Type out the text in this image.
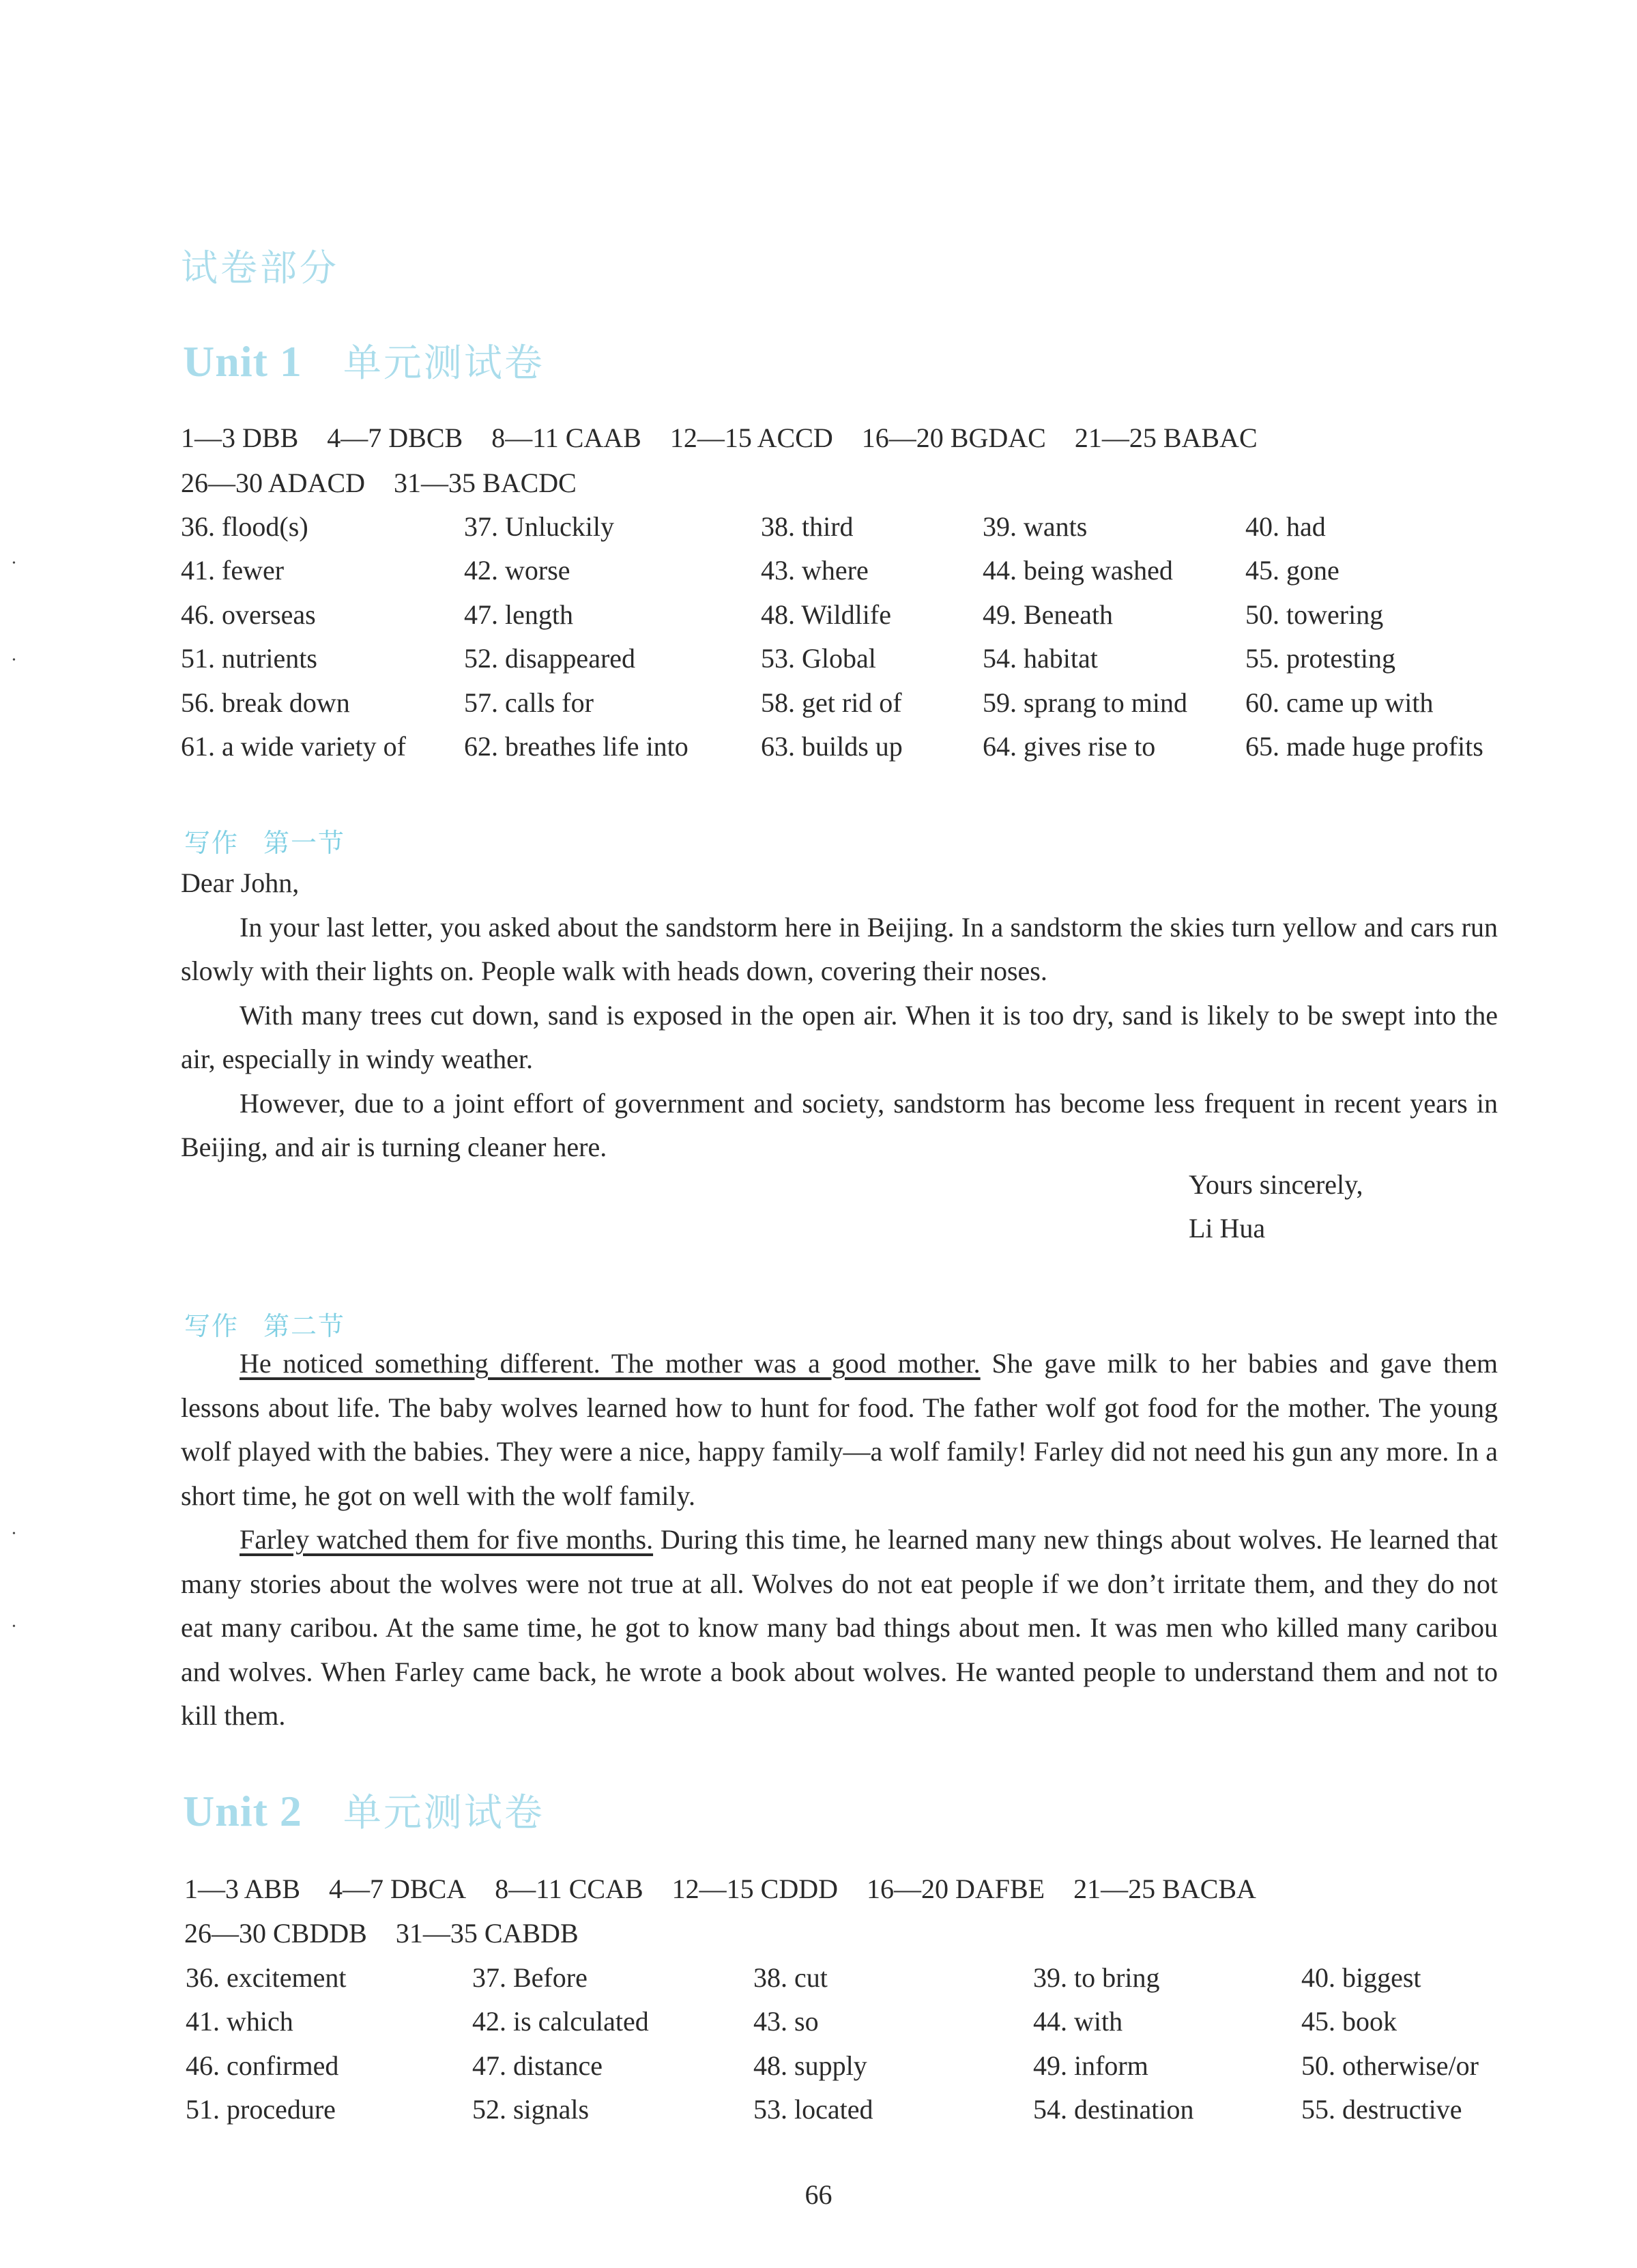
试卷部分
Unit 1 单元测试卷
1—3 DBB 4—7 DBCB 8—11 CAAB 12—15 ACCD 16—20 BGDAC 21—25 BABAC
26—30 ADACD 31—35 BACDC
36. flood(s)	37. Unluckily	38. third	39. wants	40. had
41. fewer	42. worse	43. where	44. being washed	45. gone
46. overseas	47. length	48. Wildlife	49. Beneath	50. towering
51. nutrients	52. disappeared	53. Global	54. habitat	55. protesting
56. break down	57. calls for	58. get rid of	59. sprang to mind 60. came up with
61. a wide variety of 62. breathes life into	63. builds up	64. gives rise to	65. made huge profits
写作 第一节

Dear John,

In your last letter, you asked about the sandstorm here in Beijing. In a sandstorm the skies turn yellow and cars run slowly with their lights on. People walk with heads down, covering their noses.

With many trees cut down, sand is exposed in the open air. When it is too dry, sand is likely to be swept into the air, especially in windy weather.

However, due to a joint effort of government and society, sandstorm has become less frequent in recent years in Beijing, and air is turning cleaner here.

Yours sincerely,
Li Hua
写作 第二节

He noticed something different. The mother was a good mother. She gave milk to her babies and gave them lessons about life. The baby wolves learned how to hunt for food. The father wolf got food for the mother. The young wolf played with the babies. They were a nice, happy family—a wolf family! Farley did not need his gun any more. In a short time, he got on well with the wolf family.

Farley watched them for five months. During this time, he learned many new things about wolves. He learned that many stories about the wolves were not true at all. Wolves do not eat people if we don’t irritate them, and they do not eat many caribou. At the same time, he got to know many bad things about men. It was men who killed many caribou and wolves. When Farley came back, he wrote a book about wolves. He wanted people to understand them and not to kill them.

Unit 2 单元测试卷
1—3 ABB 4—7 DBCA 8—11 CCAB 12—15 CDDD 16—20 DAFBE 21—25 BACBA
26—30 CBDDB 31—35 CABDB
36. excitement	37. Before	38. cut	39. to bring	40. biggest
41. which	42. is calculated	43. so	44. with	45. book
46. confirmed	47. distance	48. supply	49. inform	50. otherwise/or
51. procedure	52. signals	53. located	54. destination	55. destructive
66
•
•
•
•
